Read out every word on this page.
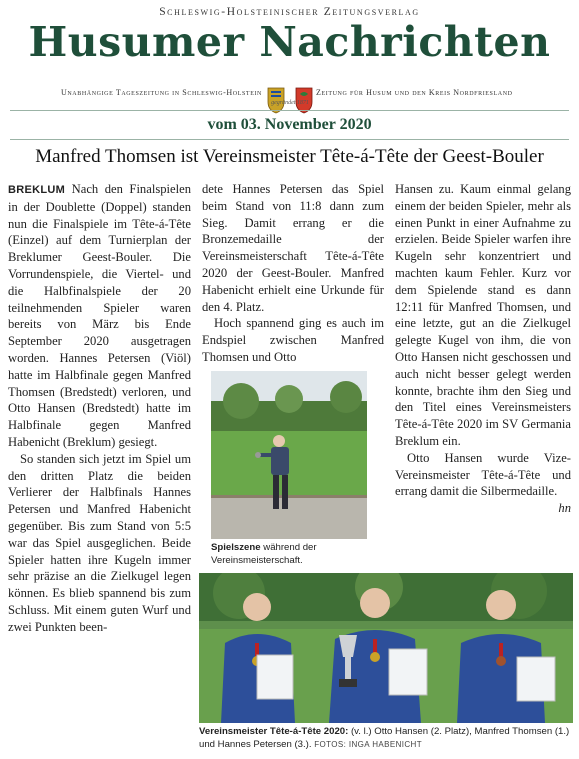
Schleswig-Holsteinischer Zeitungsverlag
Husumer Nachrichten
Unabhängige Tageszeitung in Schleswig-Holstein
gegründet 1871
Zeitung für Husum und den Kreis Nordfriesland
vom 03. November 2020
Manfred Thomsen ist Vereinsmeister Tête-á-Tête der Geest-Bouler

BREKLUM Nach den Finalspielen in der Doublette (Doppel) standen nun die Finalspiele im Tête-á-Tête (Einzel) auf dem Turnierplan der Breklumer Geest-Bouler. Die Vorrundenspiele, die Viertel- und die Halbfinalspiele der 20 teilnehmenden Spieler waren bereits von März bis Ende September 2020 ausgetragen worden. Hannes Petersen (Viöl) hatte im Halbfinale gegen Manfred Thomsen (Bredstedt) verloren, und Otto Hansen (Bredstedt) hatte im Halbfinale gegen Manfred Habenicht (Breklum) gesiegt.

So standen sich jetzt im Spiel um den dritten Platz die beiden Verlierer der Halbfinals Hannes Petersen und Manfred Habenicht gegenüber. Bis zum Stand von 5:5 war das Spiel ausgeglichen. Beide Spieler hatten ihre Kugeln immer sehr präzise an die Zielkugel legen können. Es blieb spannend bis zum Schluss. Mit einem guten Wurf und zwei Punkten been-

dete Hannes Petersen das Spiel beim Stand von 11:8 dann zum Sieg. Damit errang er die Bronzemedaille der Vereinsmeisterschaft Tête-á-Tête 2020 der Geest-Bouler. Manfred Habenicht erhielt eine Urkunde für den 4. Platz.

Hoch spannend ging es auch im Endspiel zwischen Manfred Thomsen und Otto

Spielszene während der Vereinsmeisterschaft.

Hansen zu. Kaum einmal gelang einem der beiden Spieler, mehr als einen Punkt in einer Aufnahme zu erzielen. Beide Spieler warfen ihre Kugeln sehr konzentriert und machten kaum Fehler. Kurz vor dem Spielende stand es dann 12:11 für Manfred Thomsen, und eine letzte, gut an die Zielkugel gelegte Kugel von ihm, die von Otto Hansen nicht geschossen und auch nicht besser gelegt werden konnte, brachte ihm den Sieg und den Titel eines Vereinsmeisters Tête-á-Tête 2020 im SV Germania Breklum ein.

Otto Hansen wurde Vize-Vereinsmeister Tête-á-Tête und errang damit die Silbermedaille.
hn

Vereinsmeister Tête-á-Tête 2020: (v. l.) Otto Hansen (2. Platz), Manfred Thomsen (1.) und Hannes Petersen (3.). FOTOS: INGA HABENICHT
